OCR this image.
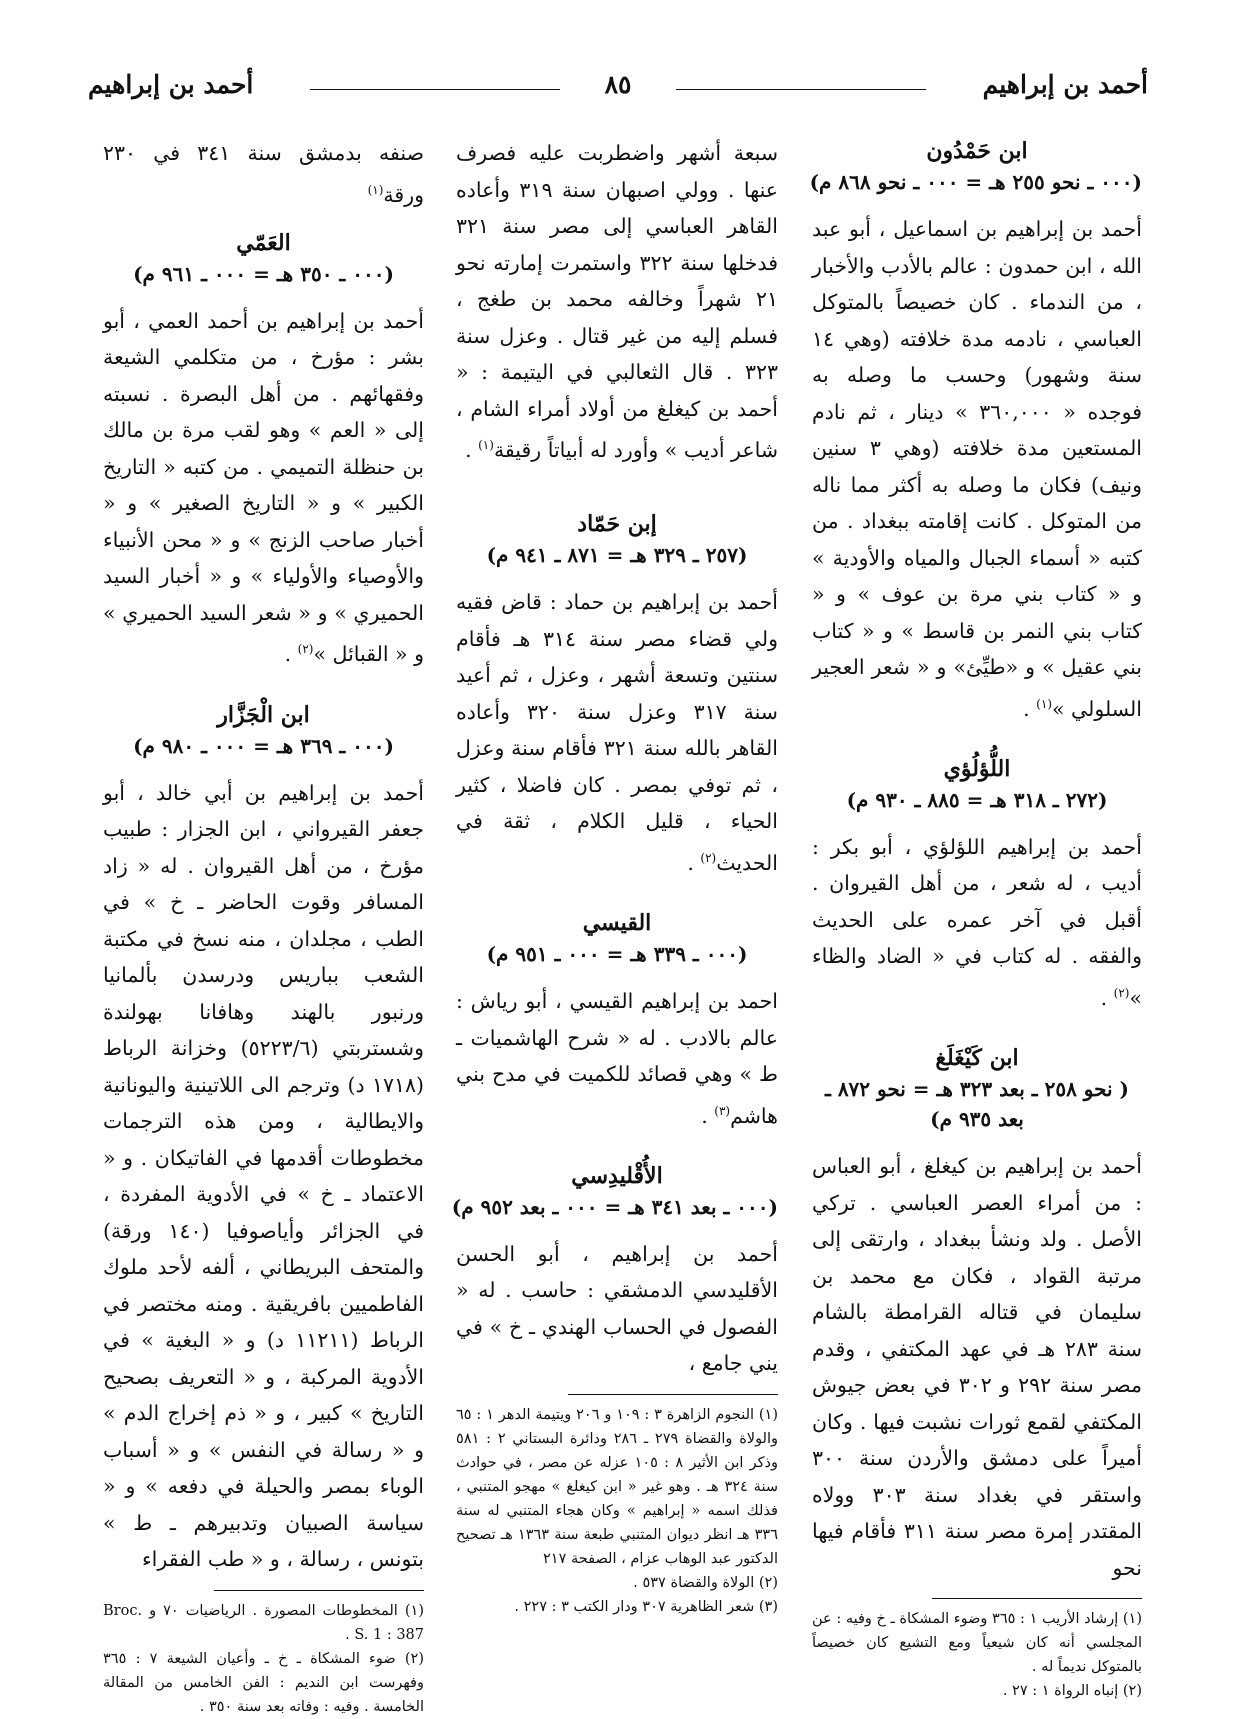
أحمد بن إبراهيم
٨٥
أحمد بن إبراهيم

ابن حَمْدُون

(٠٠٠ ـ نحو ٢٥٥ هـ = ٠٠٠ ـ نحو ٨٦٨ م)

أحمد بن إبراهيم بن اسماعيل ، أبو عبد الله ، ابن حمدون : عالم بالأدب والأخبار ، من الندماء . كان خصيصاً بالمتوكل العباسي ، نادمه مدة خلافته (وهي ١٤ سنة وشهور) وحسب ما وصله به فوجده « ٣٦٠,٠٠٠ » دينار ، ثم نادم المستعين مدة خلافته (وهي ٣ سنين ونيف) فكان ما وصله به أكثر مما ناله من المتوكل . كانت إقامته ببغداد . من كتبه « أسماء الجبال والمياه والأودية » و « كتاب بني مرة بن عوف » و « كتاب بني النمر بن قاسط » و « كتاب بني عقيل » و «طيِّئ» و « شعر العجير السلولي »$^{(١)}$ .

اللُّؤلُؤي

(٢٧٢ ـ ٣١٨ هـ = ٨٨٥ ـ ٩٣٠ م)

أحمد بن إبراهيم اللؤلؤي ، أبو بكر : أديب ، له شعر ، من أهل القيروان . أقبل في آخر عمره على الحديث والفقه . له كتاب في « الضاد والظاء »$^{(٢)}$ .

ابن كَيْغَلَغ

( نحو ٢٥٨ ـ بعد ٣٢٣ هـ = نحو ٨٧٢ ـ بعد ٩٣٥ م)

أحمد بن إبراهيم بن كيغلغ ، أبو العباس : من أمراء العصر العباسي . تركي الأصل . ولد ونشأ ببغداد ، وارتقى إلى مرتبة القواد ، فكان مع محمد بن سليمان في قتاله القرامطة بالشام سنة ٢٨٣ هـ في عهد المكتفي ، وقدم مصر سنة ٢٩٢ و ٣٠٢ في بعض جيوش المكتفي لقمع ثورات نشبت فيها . وكان أميراً على دمشق والأردن سنة ٣٠٠ واستقر في بغداد سنة ٣٠٣ وولاه المقتدر إمرة مصر سنة ٣١١ فأقام فيها نحو

(١) إرشاد الأريب ١ : ٣٦٥ وضوء المشكاة ـ خ وفيه : عن المجلسي أنه كان شيعياً ومع التشيع كان خصيصاً بالمتوكل نديماً له .

(٢) إنباه الرواة ١ : ٢٧ .

سبعة أشهر واضطربت عليه فصرف عنها . وولي اصبهان سنة ٣١٩ وأعاده القاهر العباسي إلى مصر سنة ٣٢١ فدخلها سنة ٣٢٢ واستمرت إمارته نحو ٢١ شهراً وخالفه محمد بن طغج ، فسلم إليه من غير قتال . وعزل سنة ٣٢٣ . قال الثعالبي في اليتيمة : « أحمد بن كيغلغ من أولاد أمراء الشام ، شاعر أديب » وأورد له أبياتاً رقيقة$^{(١)}$ .

إبن حَمّاد

(٢٥٧ ـ ٣٢٩ هـ = ٨٧١ ـ ٩٤١ م)

أحمد بن إبراهيم بن حماد : قاض فقيه ولي قضاء مصر سنة ٣١٤ هـ فأقام سنتين وتسعة أشهر ، وعزل ، ثم أعيد سنة ٣١٧ وعزل سنة ٣٢٠ وأعاده القاهر بالله سنة ٣٢١ فأقام سنة وعزل ، ثم توفي بمصر . كان فاضلا ، كثير الحياء ، قليل الكلام ، ثقة في الحديث$^{(٢)}$ .

القيسي

(٠٠٠ ـ ٣٣٩ هـ = ٠٠٠ ـ ٩٥١ م)

احمد بن إبراهيم القيسي ، أبو رياش : عالم بالادب . له « شرح الهاشميات ـ ط » وهي قصائد للكميت في مدح بني هاشم$^{(٣)}$ .

الأُقْليدِسي

(٠٠٠ ـ بعد ٣٤١ هـ = ٠٠٠ ـ بعد ٩٥٢ م)

أحمد بن إبراهيم ، أبو الحسن الأقليدسي الدمشقي : حاسب . له « الفصول في الحساب الهندي ـ خ » في يني جامع ،

(١) النجوم الزاهرة ٣ : ١٠٩ و ٢٠٦ ويتيمة الدهر ١ : ٦٥ والولاة والقضاة ٢٧٩ ـ ٢٨٦ ودائرة البستاني ٢ : ٥٨١ وذكر ابن الأثير ٨ : ١٠٥ عزله عن مصر ، في حوادث سنة ٣٢٤ هـ . وهو غير « ابن كيغلغ » مهجو المتنبي ، فذلك اسمه « إبراهيم » وكان هجاء المتنبي له سنة ٣٣٦ هـ انظر ديوان المتنبي طبعة سنة ١٣٦٣ هـ تصحيح الدكتور عبد الوهاب عزام ، الصفحة ٢١٧

(٢) الولاة والقضاة ٥٣٧ .

(٣) شعر الظاهرية ٣٠٧ ودار الكتب ٣ : ٢٢٧ .

صنفه بدمشق سنة ٣٤١ في ٢٣٠ ورقة$^{(١)}$

العَمّي

(٠٠٠ ـ ٣٥٠ هـ = ٠٠٠ ـ ٩٦١ م)

أحمد بن إبراهيم بن أحمد العمي ، أبو بشر : مؤرخ ، من متكلمي الشيعة وفقهائهم . من أهل البصرة . نسبته إلى « العم » وهو لقب مرة بن مالك بن حنظلة التميمي . من كتبه « التاريخ الكبير » و « التاريخ الصغير » و « أخبار صاحب الزنج » و « محن الأنبياء والأوصياء والأولياء » و « أخبار السيد الحميري » و « شعر السيد الحميري » و « القبائل »$^{(٢)}$ .

ابن الْجَزَّار

(٠٠٠ ـ ٣٦٩ هـ = ٠٠٠ ـ ٩٨٠ م)

أحمد بن إبراهيم بن أبي خالد ، أبو جعفر القيرواني ، ابن الجزار : طبيب مؤرخ ، من أهل القيروان . له « زاد المسافر وقوت الحاضر ـ خ » في الطب ، مجلدان ، منه نسخ في مكتبة الشعب بباريس ودرسدن بألمانيا ورنبور بالهند وهافانا بهولندة وشستربتي (٥٢٢٣/٦) وخزانة الرباط (١٧١٨ د) وترجم الى اللاتينية واليونانية والايطالية ، ومن هذه الترجمات مخطوطات أقدمها في الفاتيكان . و « الاعتماد ـ خ » في الأدوية المفردة ، في الجزائر وأياصوفيا (١٤٠ ورقة) والمتحف البريطاني ، ألفه لأحد ملوك الفاطميين بافريقية . ومنه مختصر في الرباط (١١٢١١ د) و « البغية » في الأدوية المركبة ، و « التعريف بصحيح التاريخ » كبير ، و « ذم إخراج الدم » و « رسالة في النفس » و « أسباب الوباء بمصر والحيلة في دفعه » و « سياسة الصبيان وتدبيرهم ـ ط » بتونس ، رسالة ، و « طب الفقراء

(١) المخطوطات المصورة . الرياضيات ٧٠ و Broc. S. 1 : 387 .

(٢) ضوء المشكاة ـ خ ـ وأعيان الشيعة ٧ : ٣٦٥ وفهرست ابن النديم : الفن الخامس من المقالة الخامسة . وفيه : وفاته بعد سنة ٣٥٠ .
